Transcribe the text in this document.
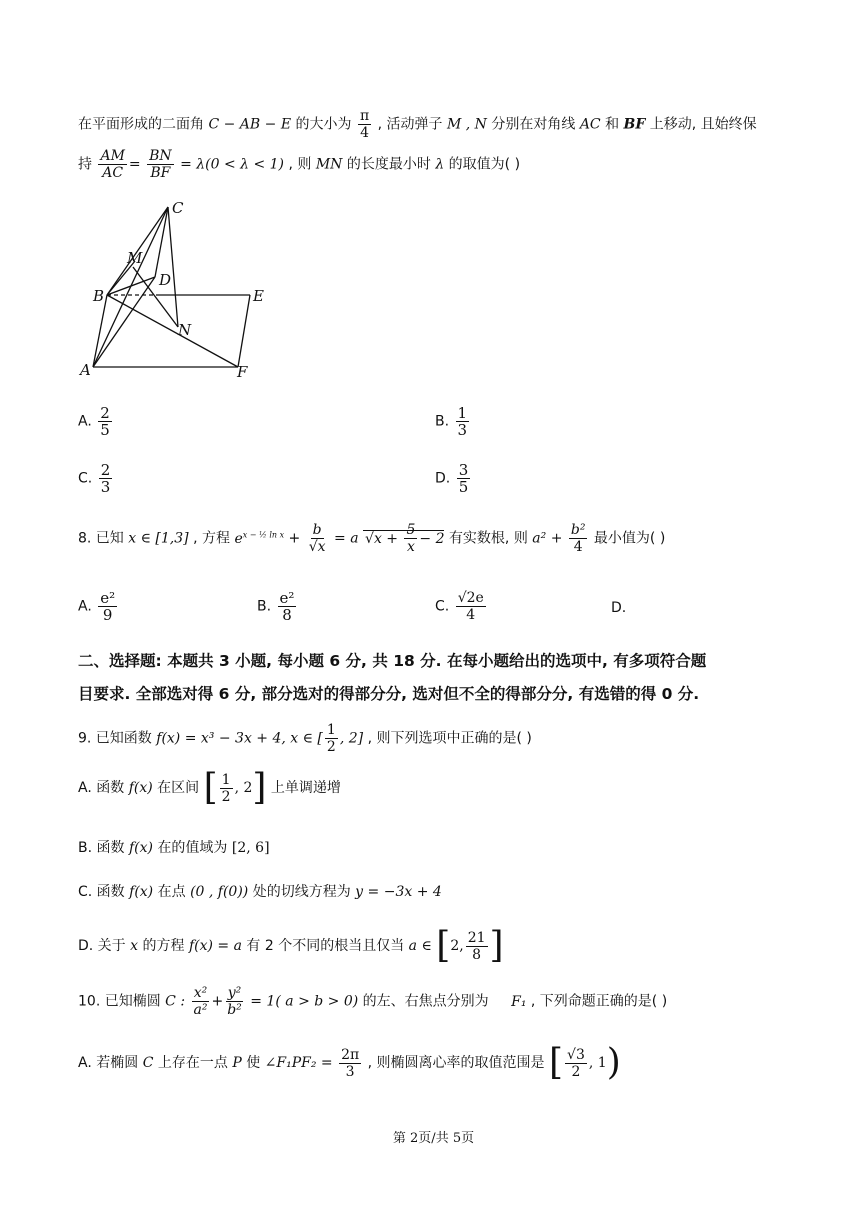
在平面形成的二面角 C − AB − E 的大小为 $\frac{\pi}{4}$ , 活动弹子 M , N 分别在对角线 AC 和 BF 上移动, 且始终保
持 $\frac{AM}{AC} = \frac{BN}{BF} = \lambda(0 < \lambda < 1)$ , 则 MN 的长度最小时 λ 的取值为( )
C
M
D
B	E
N
A	F
A. $\frac{2}{5}$	B. $\frac{1}{3}$
C. $\frac{2}{3}$	D. $\frac{3}{5}$
8. 已知 x ∈ [1,3] , 方程 $e^{x - \frac{1}{2} ln x} + \frac{b}{√x} = a$ $√x + \frac{5}{x} - 2$ 有实数根, 则 $a^2 + \frac{\text{b²}}{4}$ 最小值为( )
A. $\frac{\text{e²}}{9}$	B. $\frac{\text{e²}}{8}$	C. $\frac{√2e}{4}$	D.
二、选择题: 本题共 3 小题, 每小题 6 分, 共 18 分. 在每小题给出的选项中, 有多项符合题
目要求. 全部选对得 6 分, 部分选对的得部分分, 选对但不全的得部分分, 有选错的得 0 分.
9. 已知函数 f(x) = x³ − 3x + 4, x ∈ [ $\frac{1}{2}$ , 2] , 则下列选项中正确的是( )
A. 函数 f(x) 在区间 [ $\frac{1}{2}$ , 2] 上单调递增
B. 函数 f(x) 在的值域为 [2, 6]
C. 函数 f(x) 在点 (0 , f(0)) 处的切线方程为 y = −3x + 4
D. 关于 x 的方程 f(x) = a 有 2 个不同的根当且仅当 a ∈ [2, $\frac{21}{8}$ ]
10. 已知椭圆 C : $\frac{\text{x²}}{\text{a²}} + \frac{\text{y²}}{\text{b²}} = 1$( a > b > 0) 的左、右焦点分别为 F₁ , 下列命题正确的是( )
A. 若椭圆 C 上存在一点 P 使 ∠F₁PF₂ = $\frac{2\pi}{3}$ , 则椭圆离心率的取值范围是 [ $\frac{√3}{2}$ , 1)
第 2页/共 5页
